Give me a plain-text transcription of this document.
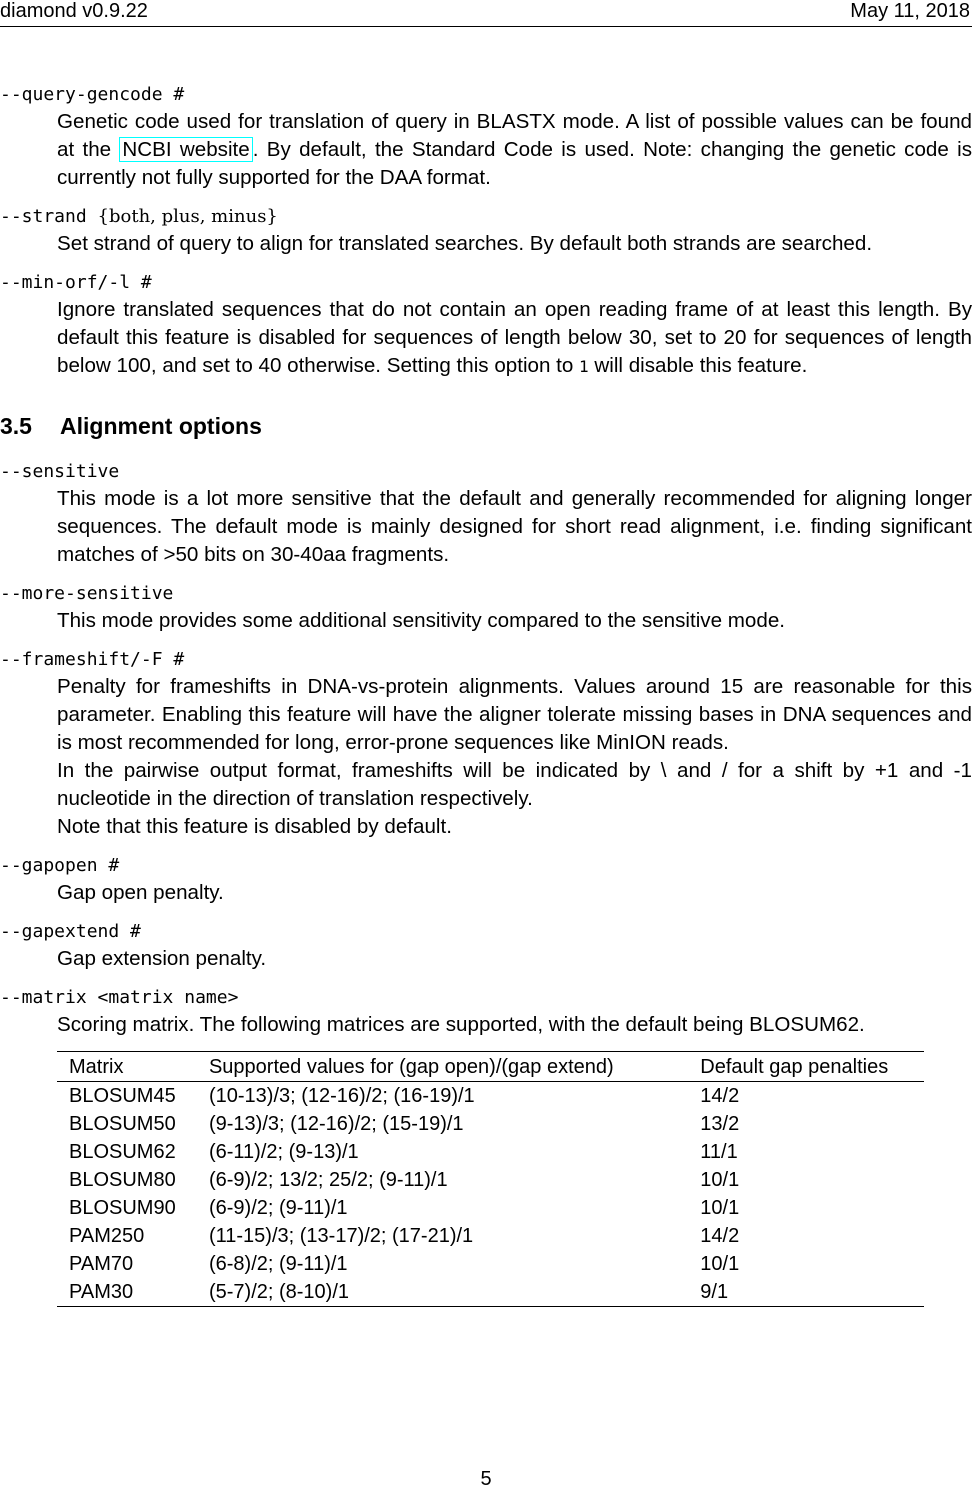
diamond v0.9.22	May 11, 2018
--query-gencode #
Genetic code used for translation of query in BLASTX mode. A list of possible values can be found at the NCBI website . By default, the Standard Code is used. Note: changing the genetic code is currently not fully supported for the DAA format.
--strand {both, plus, minus}
Set strand of query to align for translated searches. By default both strands are searched.
--min-orf/-l #
Ignore translated sequences that do not contain an open reading frame of at least this length. By default this feature is disabled for sequences of length below 30, set to 20 for sequences of length below 100, and set to 40 otherwise. Setting this option to 1 will disable this feature.
3.5 Alignment options
--sensitive
This mode is a lot more sensitive that the default and generally recommended for aligning longer sequences. The default mode is mainly designed for short read alignment, i.e. finding significant matches of >50 bits on 30-40aa fragments.
--more-sensitive
This mode provides some additional sensitivity compared to the sensitive mode.
--frameshift/-F #
Penalty for frameshifts in DNA-vs-protein alignments. Values around 15 are reasonable for this parameter. Enabling this feature will have the aligner tolerate missing bases in DNA sequences and is most recommended for long, error-prone sequences like MinION reads.
In the pairwise output format, frameshifts will be indicated by \ and / for a shift by +1 and -1 nucleotide in the direction of translation respectively.
Note that this feature is disabled by default.
--gapopen #
Gap open penalty.
--gapextend #
Gap extension penalty.
--matrix <matrix name>
Scoring matrix. The following matrices are supported, with the default being BLOSUM62.
Matrix	Supported values for (gap open)/(gap extend)	Default gap penalties
BLOSUM45	(10-13)/3; (12-16)/2; (16-19)/1	14/2
BLOSUM50	(9-13)/3; (12-16)/2; (15-19)/1	13/2
BLOSUM62	(6-11)/2; (9-13)/1	11/1
BLOSUM80	(6-9)/2; 13/2; 25/2; (9-11)/1	10/1
BLOSUM90	(6-9)/2; (9-11)/1	10/1
PAM250	(11-15)/3; (13-17)/2; (17-21)/1	14/2
PAM70	(6-8)/2; (9-11)/1	10/1
PAM30	(5-7)/2; (8-10)/1	9/1
5
